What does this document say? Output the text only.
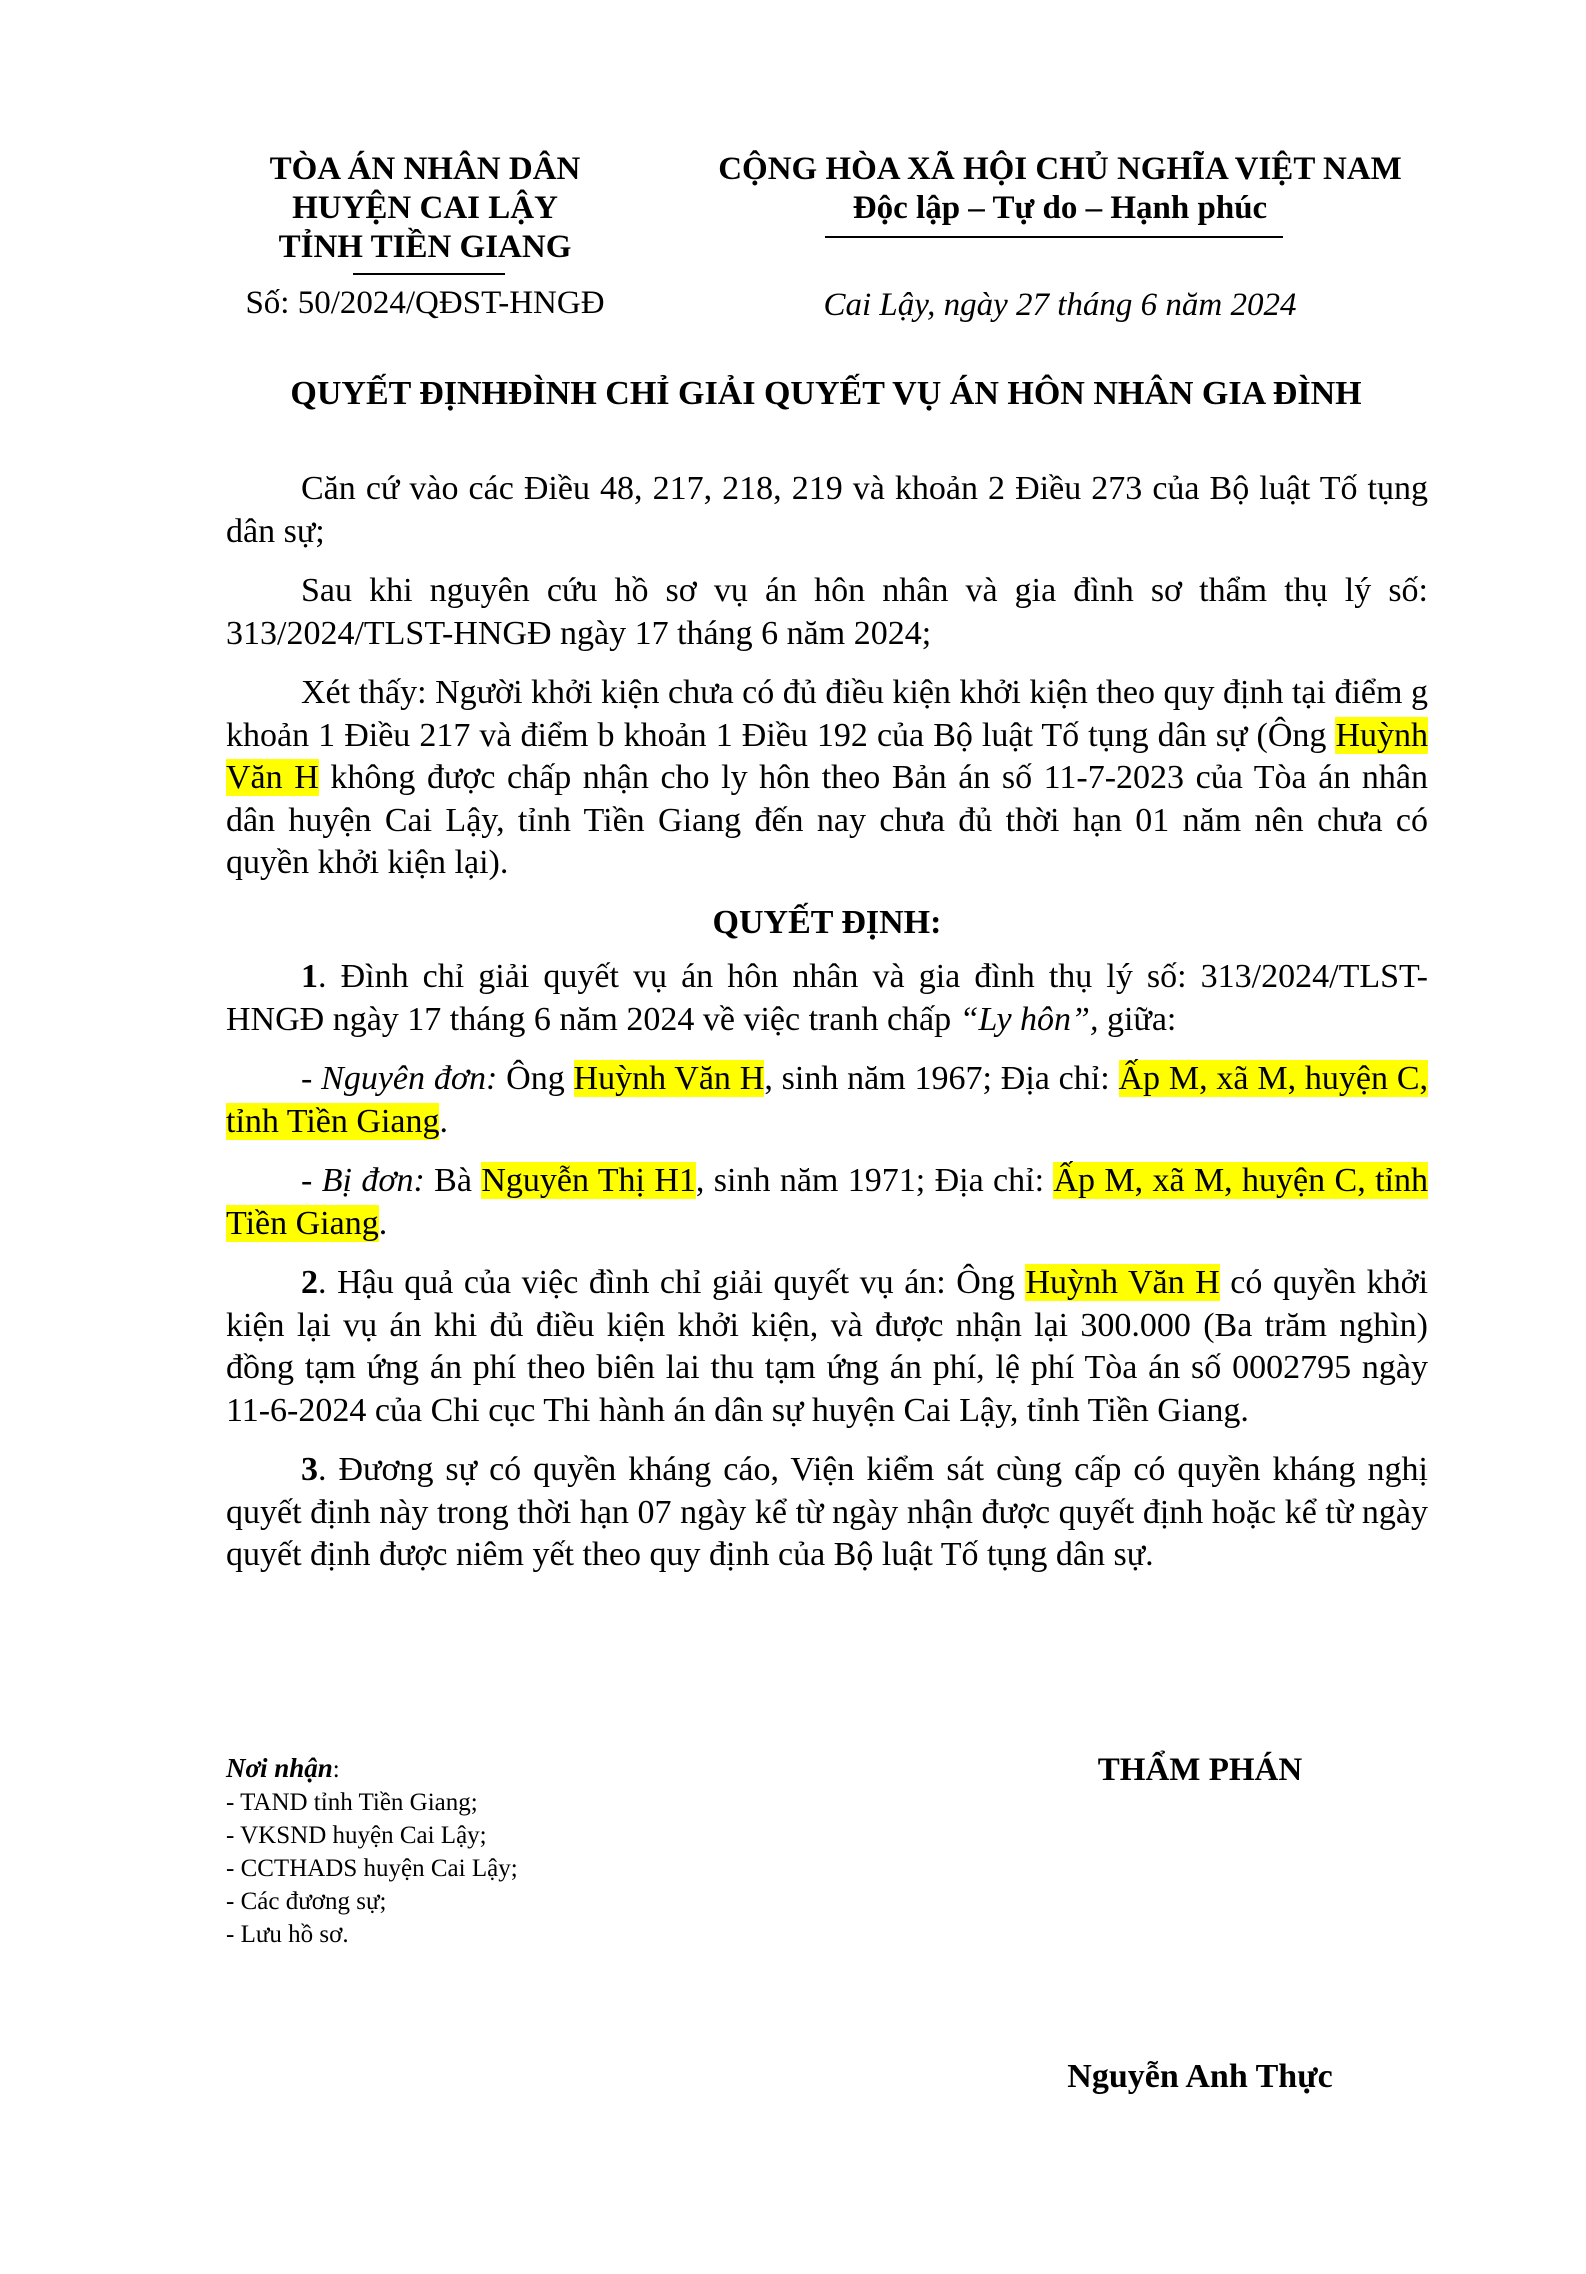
TÒA ÁN NHÂN DÂN
HUYỆN CAI LẬY
TỈNH TIỀN GIANG
Số: 50/2024/QĐST-HNGĐ
CỘNG HÒA XÃ HỘI CHỦ NGHĨA VIỆT NAM
Độc lập – Tự do – Hạnh phúc
Cai Lậy, ngày 27 tháng 6 năm 2024
QUYẾT ĐỊNHĐÌNH CHỈ GIẢI QUYẾT VỤ ÁN HÔN NHÂN GIA ĐÌNH

Căn cứ vào các Điều 48, 217, 218, 219 và khoản 2 Điều 273 của Bộ luật Tố tụng dân sự;

Sau khi nguyên cứu hồ sơ vụ án hôn nhân và gia đình sơ thẩm thụ lý số: 313/2024/TLST-HNGĐ ngày 17 tháng 6 năm 2024;

Xét thấy: Người khởi kiện chưa có đủ điều kiện khởi kiện theo quy định tại điểm g khoản 1 Điều 217 và điểm b khoản 1 Điều 192 của Bộ luật Tố tụng dân sự (Ông Huỳnh Văn H không được chấp nhận cho ly hôn theo Bản án số 11-7-2023 của Tòa án nhân dân huyện Cai Lậy, tỉnh Tiền Giang đến nay chưa đủ thời hạn 01 năm nên chưa có quyền khởi kiện lại).

QUYẾT ĐỊNH:

1. Đình chỉ giải quyết vụ án hôn nhân và gia đình thụ lý số: 313/2024/TLST-HNGĐ ngày 17 tháng 6 năm 2024 về việc tranh chấp “Ly hôn”, giữa:

- Nguyên đơn: Ông Huỳnh Văn H, sinh năm 1967; Địa chỉ: Ấp M, xã M, huyện C, tỉnh Tiền Giang.

- Bị đơn: Bà Nguyễn Thị H1, sinh năm 1971; Địa chỉ: Ấp M, xã M, huyện C, tỉnh Tiền Giang.

2. Hậu quả của việc đình chỉ giải quyết vụ án: Ông Huỳnh Văn H có quyền khởi kiện lại vụ án khi đủ điều kiện khởi kiện, và được nhận lại 300.000 (Ba trăm nghìn) đồng tạm ứng án phí theo biên lai thu tạm ứng án phí, lệ phí Tòa án số 0002795 ngày 11-6-2024 của Chi cục Thi hành án dân sự huyện Cai Lậy, tỉnh Tiền Giang.

3. Đương sự có quyền kháng cáo, Viện kiểm sát cùng cấp có quyền kháng nghị quyết định này trong thời hạn 07 ngày kể từ ngày nhận được quyết định hoặc kể từ ngày quyết định được niêm yết theo quy định của Bộ luật Tố tụng dân sự.

Nơi nhận:
- TAND tỉnh Tiền Giang;
- VKSND huyện Cai Lậy;
- CCTHADS huyện Cai Lậy;
- Các đương sự;
- Lưu hồ sơ.
THẨM PHÁN
Nguyễn Anh Thực
